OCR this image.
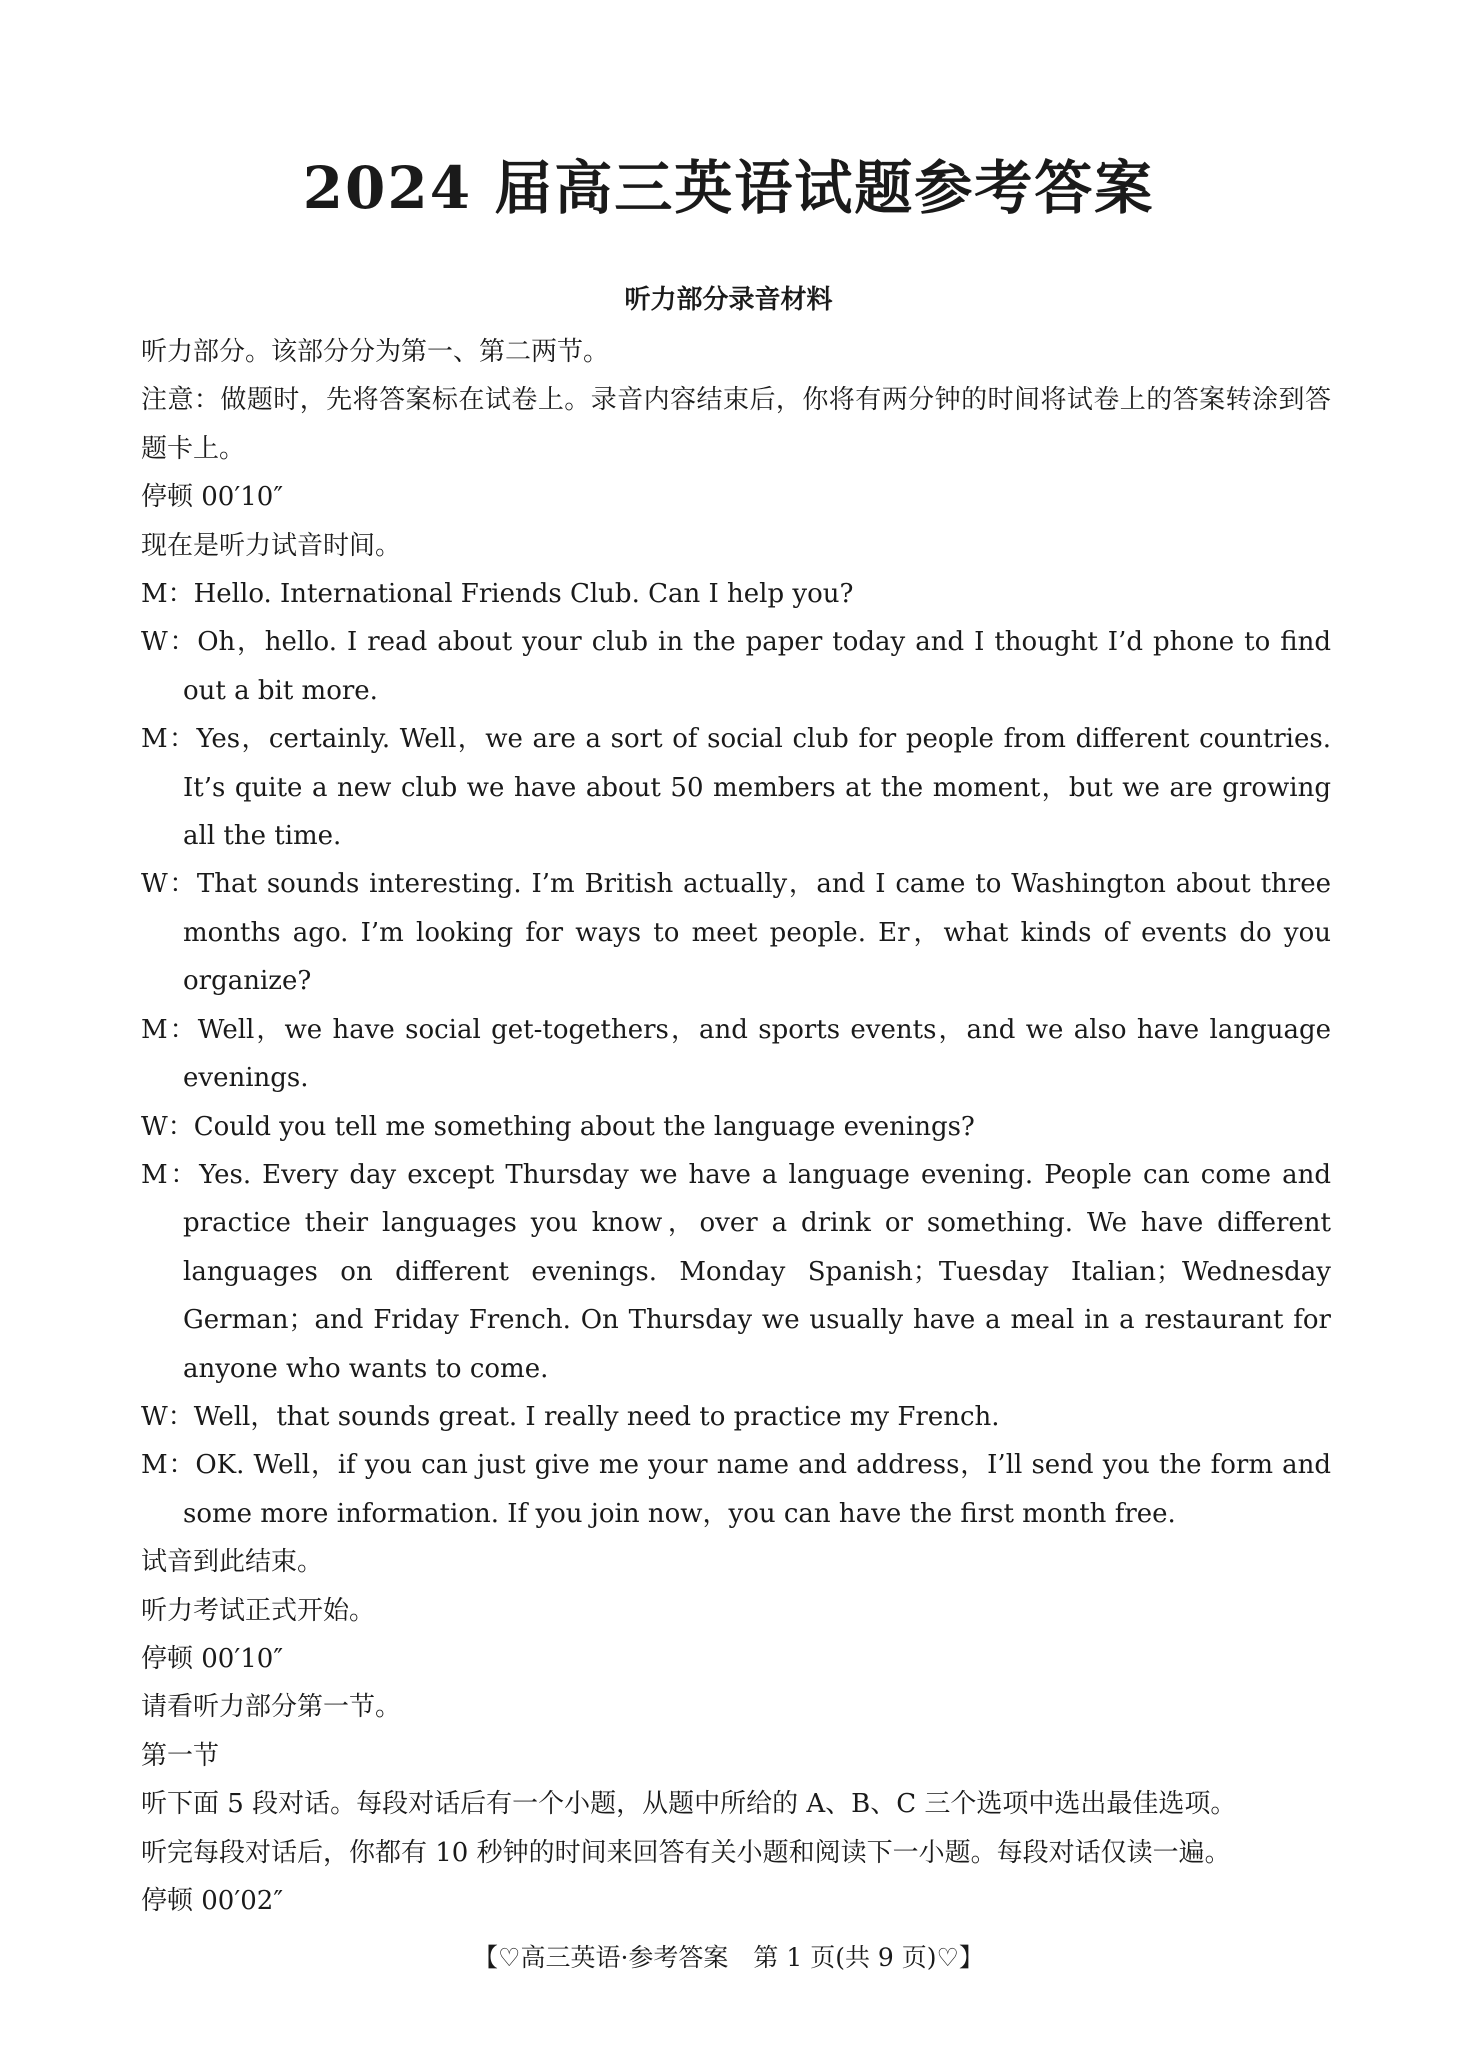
2024 届高三英语试题参考答案
听力部分录音材料
听力部分。该部分分为第一、第二两节。
注意：做题时，先将答案标在试卷上。录音内容结束后，你将有两分钟的时间将试卷上的答案转涂到答题卡上。
停顿 00′10″
现在是听力试音时间。
M：Hello. International Friends Club. Can I help you?
W：Oh，hello. I read about your club in the paper today and I thought I’d phone to find out a bit more.
M：Yes，certainly. Well，we are a sort of social club for people from different countries. It’s quite a new club we have about 50 members at the moment，but we are growing all the time.
W：That sounds interesting. I’m British actually，and I came to Washington about three months ago. I’m looking for ways to meet people. Er，what kinds of events do you organize?
M：Well，we have social get-togethers，and sports events，and we also have language evenings.
W：Could you tell me something about the language evenings?
M：Yes. Every day except Thursday we have a language evening. People can come and practice their languages you know，over a drink or something. We have different languages on different evenings. Monday Spanish；Tuesday Italian；Wednesday German；and Friday French. On Thursday we usually have a meal in a restaurant for anyone who wants to come.
W：Well，that sounds great. I really need to practice my French.
M：OK. Well，if you can just give me your name and address，I’ll send you the form and some more information. If you join now，you can have the first month free.
试音到此结束。
听力考试正式开始。
停顿 00′10″
请看听力部分第一节。
第一节
听下面 5 段对话。每段对话后有一个小题，从题中所给的 A、B、C 三个选项中选出最佳选项。
听完每段对话后，你都有 10 秒钟的时间来回答有关小题和阅读下一小题。每段对话仅读一遍。
停顿 00′02″
【♡高三英语·参考答案　第 1 页(共 9 页)♡】
